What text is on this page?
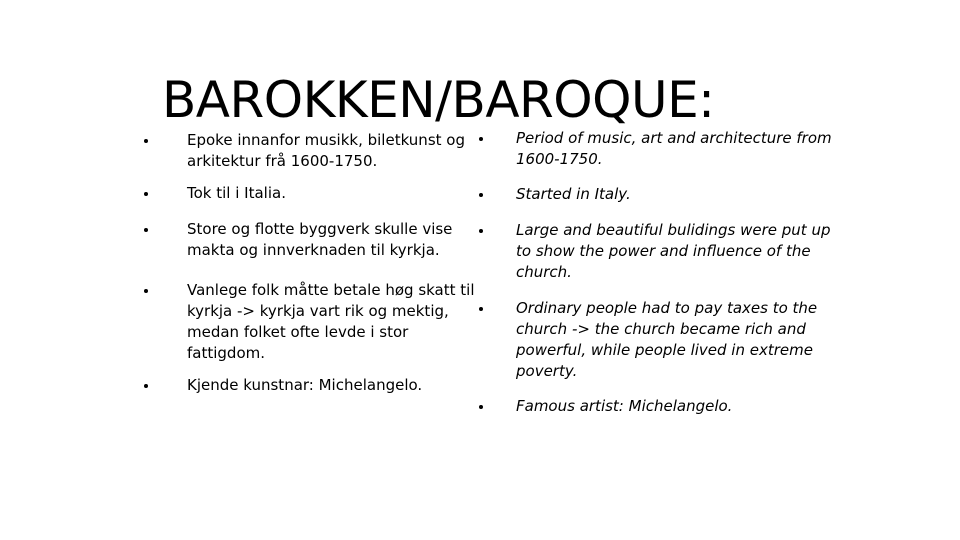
BAROKKEN/BAROQUE:
Epoke innanfor musikk, biletkunst og arkitektur frå 1600-1750.
Tok til i Italia.
Store og flotte byggverk skulle vise makta og innverknaden til kyrkja.
Vanlege folk måtte betale høg skatt til kyrkja -> kyrkja vart rik og mektig, medan folket ofte levde i stor fattigdom.
Kjende kunstnar: Michelangelo.
Period of music, art and architecture from 1600-1750.
Started in Italy.
Large and beautiful bulidings were put up to show the power and influence of the church.
Ordinary people had to pay taxes to the church -> the church became rich and powerful, while people lived in extreme poverty.
Famous artist: Michelangelo.
